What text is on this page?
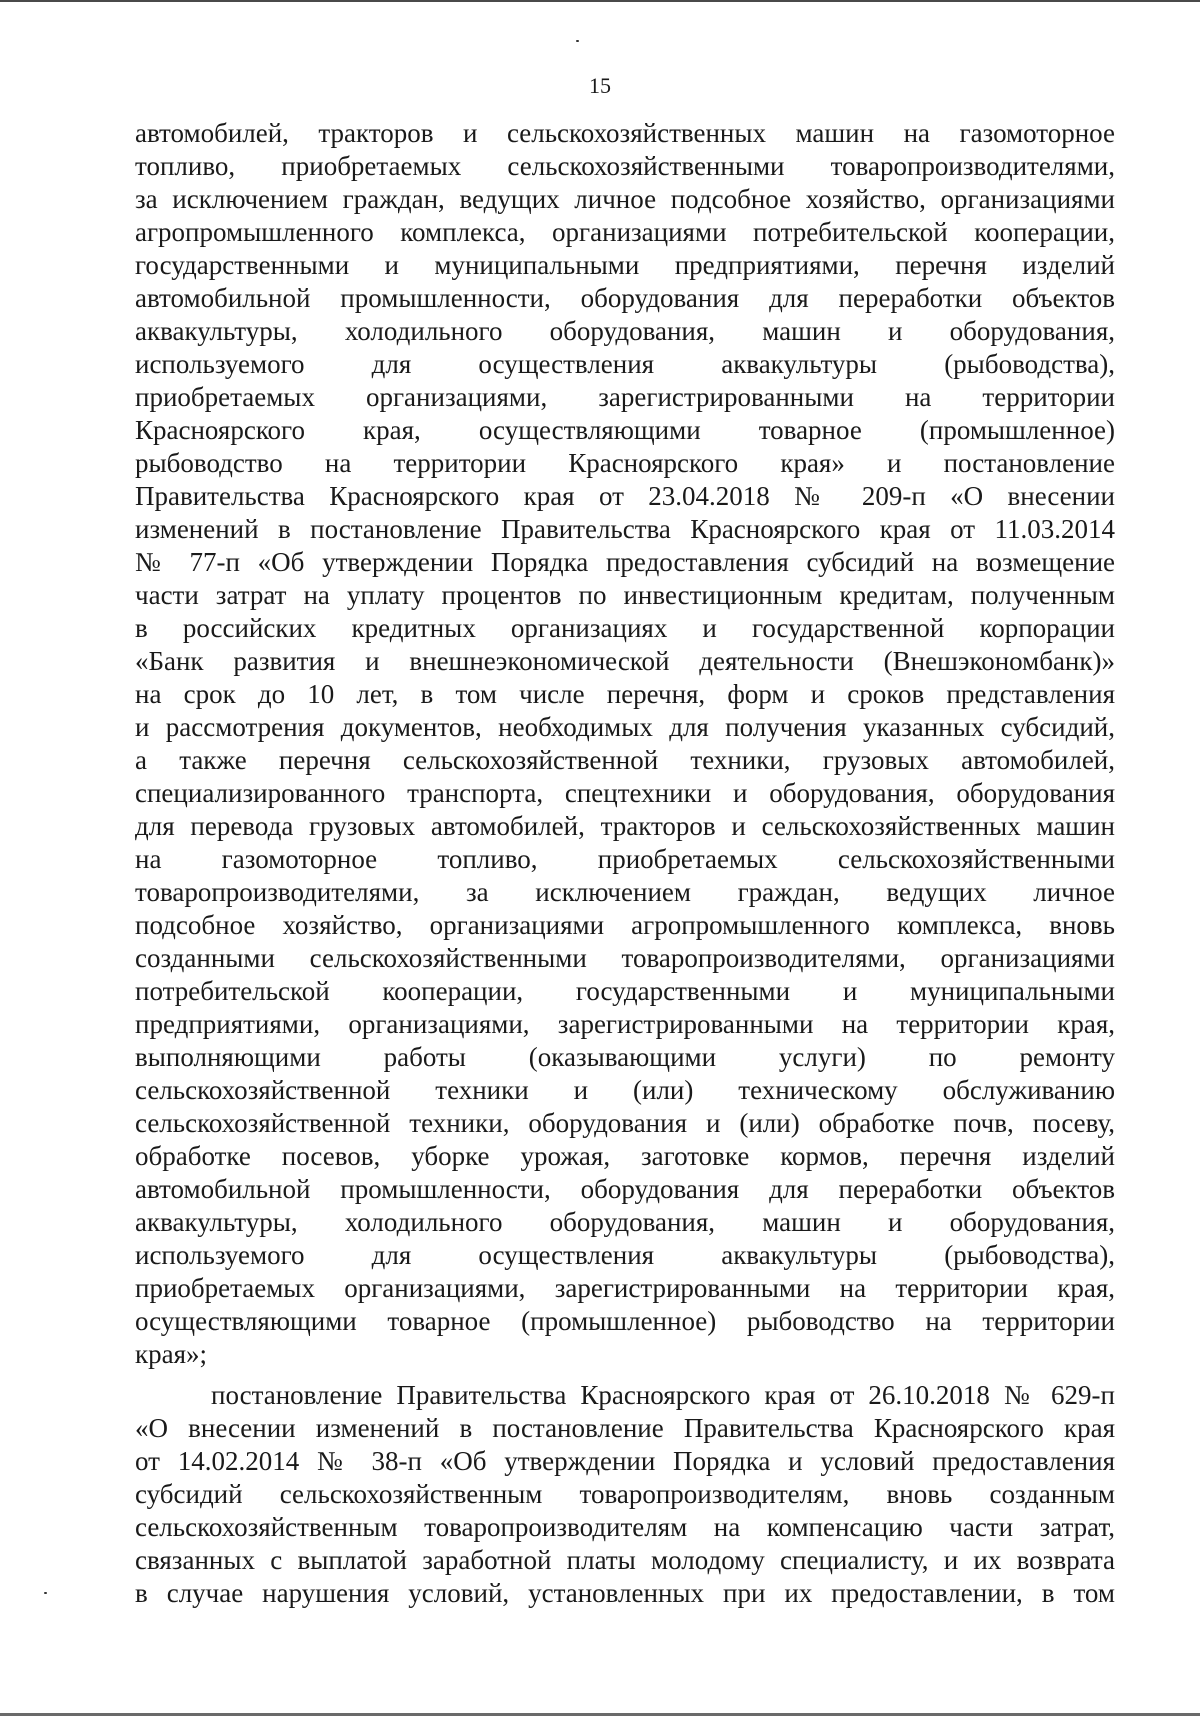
15
автомобилей, тракторов и сельскохозяйственных машин на газомоторное
топливо, приобретаемых сельскохозяйственными товаропроизводителями,
за исключением граждан, ведущих личное подсобное хозяйство, организациями
агропромышленного комплекса, организациями потребительской кооперации,
государственными и муниципальными предприятиями, перечня изделий
автомобильной промышленности, оборудования для переработки объектов
аквакультуры, холодильного оборудования, машин и оборудования,
используемого для осуществления аквакультуры (рыбоводства),
приобретаемых организациями, зарегистрированными на территории
Красноярского края, осуществляющими товарное (промышленное)
рыбоводство на территории Красноярского края» и постановление
Правительства Красноярского края от 23.04.2018 № 209-п «О внесении
изменений в постановление Правительства Красноярского края от 11.03.2014
№ 77-п «Об утверждении Порядка предоставления субсидий на возмещение
части затрат на уплату процентов по инвестиционным кредитам, полученным
в российских кредитных организациях и государственной корпорации
«Банк развития и внешнеэкономической деятельности (Внешэкономбанк)»
на срок до 10 лет, в том числе перечня, форм и сроков представления
и рассмотрения документов, необходимых для получения указанных субсидий,
а также перечня сельскохозяйственной техники, грузовых автомобилей,
специализированного транспорта, спецтехники и оборудования, оборудования
для перевода грузовых автомобилей, тракторов и сельскохозяйственных машин
на газомоторное топливо, приобретаемых сельскохозяйственными
товаропроизводителями, за исключением граждан, ведущих личное
подсобное хозяйство, организациями агропромышленного комплекса, вновь
созданными сельскохозяйственными товаропроизводителями, организациями
потребительской кооперации, государственными и муниципальными
предприятиями, организациями, зарегистрированными на территории края,
выполняющими работы (оказывающими услуги) по ремонту
сельскохозяйственной техники и (или) техническому обслуживанию
сельскохозяйственной техники, оборудования и (или) обработке почв, посеву,
обработке посевов, уборке урожая, заготовке кормов, перечня изделий
автомобильной промышленности, оборудования для переработки объектов
аквакультуры, холодильного оборудования, машин и оборудования,
используемого для осуществления аквакультуры (рыбоводства),
приобретаемых организациями, зарегистрированными на территории края,
осуществляющими товарное (промышленное) рыбоводство на территории
края»;
постановление Правительства Красноярского края от 26.10.2018 № 629-п
«О внесении изменений в постановление Правительства Красноярского края
от 14.02.2014 № 38-п «Об утверждении Порядка и условий предоставления
субсидий сельскохозяйственным товаропроизводителям, вновь созданным
сельскохозяйственным товаропроизводителям на компенсацию части затрат,
связанных с выплатой заработной платы молодому специалисту, и их возврата
в случае нарушения условий, установленных при их предоставлении, в том
